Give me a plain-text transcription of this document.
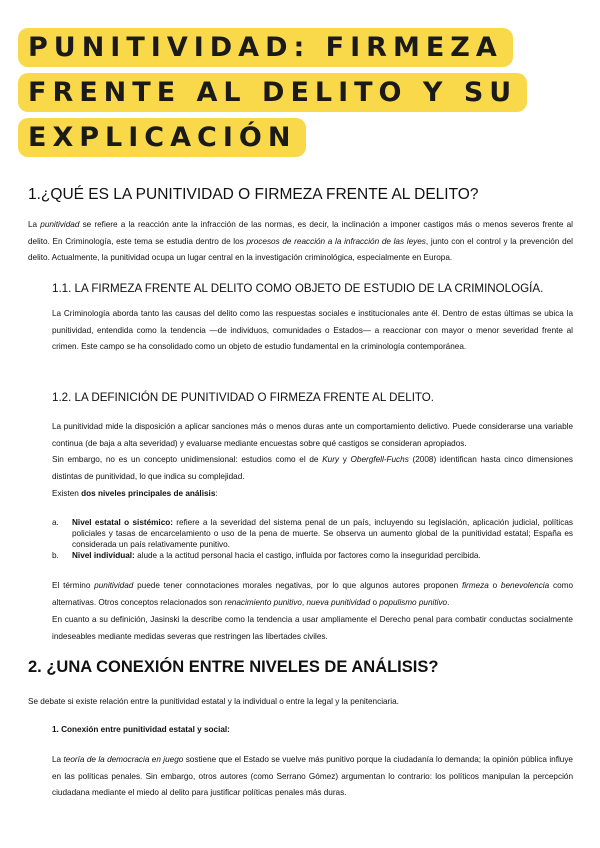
PUNITIVIDAD: FIRMEZA
FRENTE AL DELITO Y SU
EXPLICACIÓN
1.¿QUÉ ES LA PUNITIVIDAD O FIRMEZA FRENTE AL DELITO?

La punitividad se refiere a la reacción ante la infracción de las normas, es decir, la inclinación a imponer castigos más o menos severos frente al delito. En Criminología, este tema se estudia dentro de los procesos de reacción a la infracción de las leyes, junto con el control y la prevención del delito. Actualmente, la punitividad ocupa un lugar central en la investigación criminológica, especialmente en Europa.

1.1. LA FIRMEZA FRENTE AL DELITO COMO OBJETO DE ESTUDIO DE LA CRIMINOLOGÍA.

La Criminología aborda tanto las causas del delito como las respuestas sociales e institucionales ante él. Dentro de estas últimas se ubica la punitividad, entendida como la tendencia —de individuos, comunidades o Estados— a reaccionar con mayor o menor severidad frente al crimen. Este campo se ha consolidado como un objeto de estudio fundamental en la criminología contemporánea.

1.2. LA DEFINICIÓN DE PUNITIVIDAD O FIRMEZA FRENTE AL DELITO.

La punitividad mide la disposición a aplicar sanciones más o menos duras ante un comportamiento delictivo. Puede considerarse una variable continua (de baja a alta severidad) y evaluarse mediante encuestas sobre qué castigos se consideran apropiados.

Sin embargo, no es un concepto unidimensional: estudios como el de Kury y Obergfell-Fuchs (2008) identifican hasta cinco dimensiones distintas de punitividad, lo que indica su complejidad.

Existen dos niveles principales de análisis:

a. Nivel estatal o sistémico: refiere a la severidad del sistema penal de un país, incluyendo su legislación, aplicación judicial, políticas policiales y tasas de encarcelamiento o uso de la pena de muerte. Se observa un aumento global de la punitividad estatal; España es considerada un país relativamente punitivo.
b. Nivel individual: alude a la actitud personal hacia el castigo, influida por factores como la inseguridad percibida.

El término punitividad puede tener connotaciones morales negativas, por lo que algunos autores proponen firmeza o benevolencia como alternativas. Otros conceptos relacionados son renacimiento punitivo, nueva punitividad o populismo punitivo.

En cuanto a su definición, Jasinski la describe como la tendencia a usar ampliamente el Derecho penal para combatir conductas socialmente indeseables mediante medidas severas que restringen las libertades civiles.

2. ¿UNA CONEXIÓN ENTRE NIVELES DE ANÁLISIS?

Se debate si existe relación entre la punitividad estatal y la individual o entre la legal y la penitenciaria.

1. Conexión entre punitividad estatal y social:

La teoría de la democracia en juego sostiene que el Estado se vuelve más punitivo porque la ciudadanía lo demanda; la opinión pública influye en las políticas penales. Sin embargo, otros autores (como Serrano Gómez) argumentan lo contrario: los políticos manipulan la percepción ciudadana mediante el miedo al delito para justificar políticas penales más duras.
